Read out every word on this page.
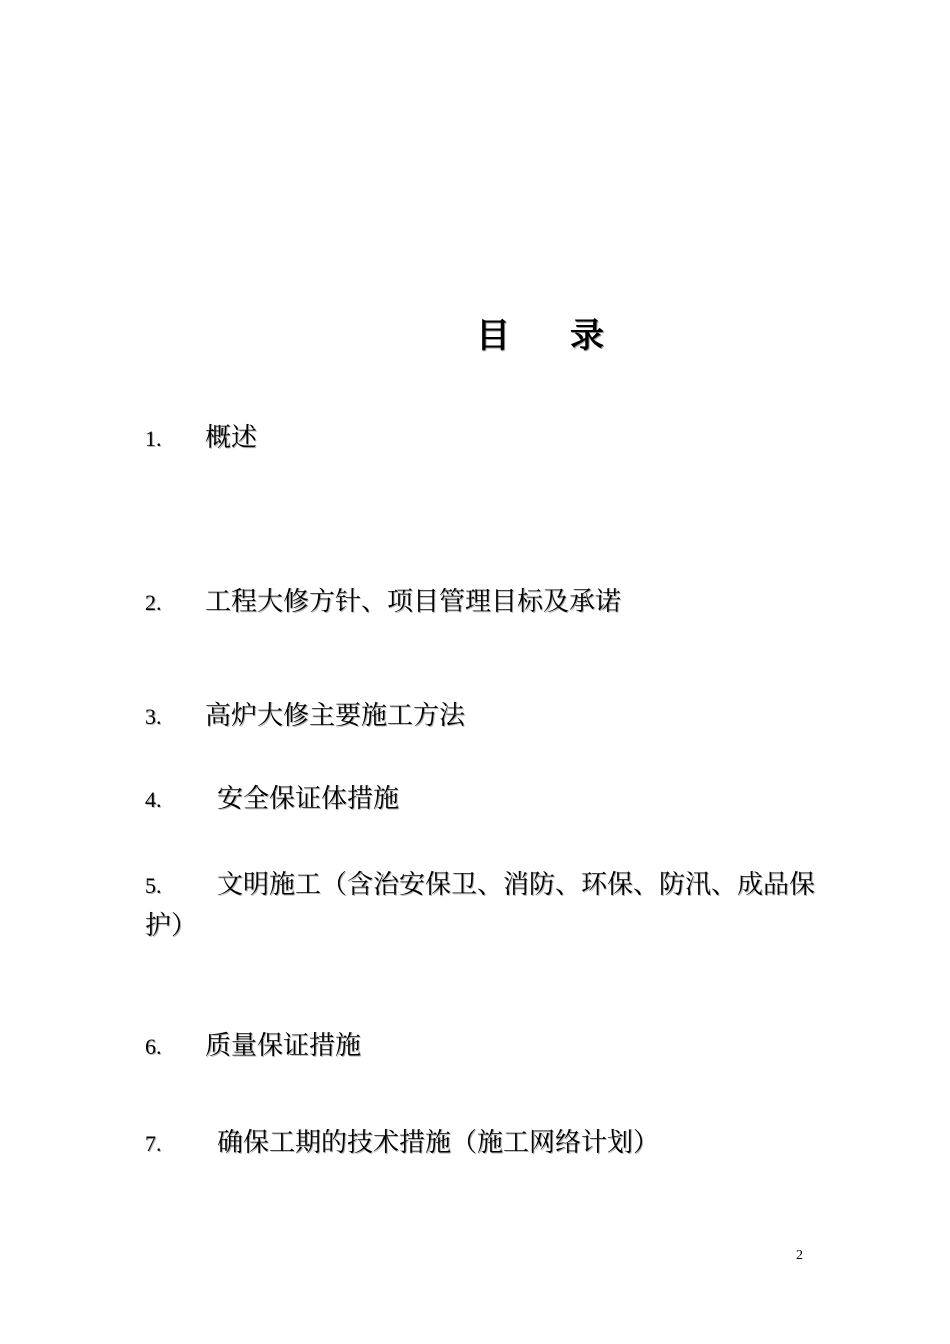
目 录
1. 概述
2. 工程大修方针、项目管理目标及承诺
3. 高炉大修主要施工方法
4. 安全保证体措施
5. 文明施工（含治安保卫、消防、环保、防汛、成品保护）
6. 质量保证措施
7. 确保工期的技术措施（施工网络计划）
2
